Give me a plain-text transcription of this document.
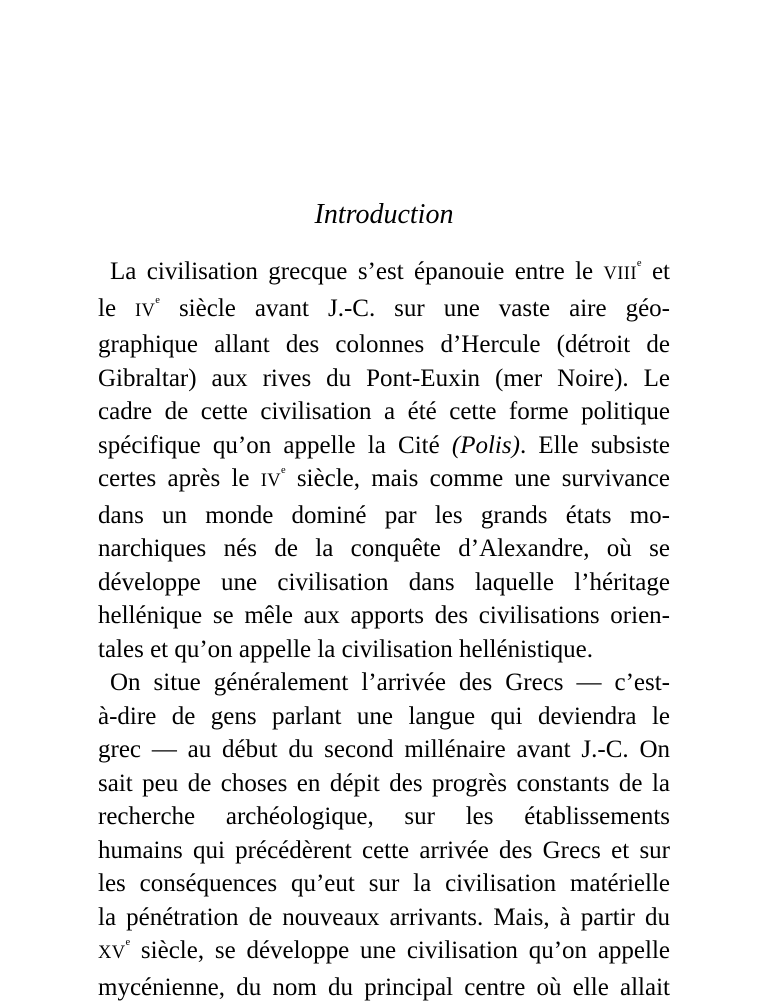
Introduction
La civilisation grecque s’est épanouie entre le VIIIe et
le IVe siècle avant J.-C. sur une vaste aire géo-
graphique allant des colonnes d’Hercule (détroit de
Gibraltar) aux rives du Pont-Euxin (mer Noire). Le
cadre de cette civilisation a été cette forme politique
spécifique qu’on appelle la Cité (Polis). Elle subsiste
certes après le IVe siècle, mais comme une survivance
dans un monde dominé par les grands états mo-
narchiques nés de la conquête d’Alexandre, où se
développe une civilisation dans laquelle l’héritage
hellénique se mêle aux apports des civilisations orien-
tales et qu’on appelle la civilisation hellénistique.
On situe généralement l’arrivée des Grecs — c’est-
à-dire de gens parlant une langue qui deviendra le
grec — au début du second millénaire avant J.-C. On
sait peu de choses en dépit des progrès constants de la
recherche archéologique, sur les établissements
humains qui précédèrent cette arrivée des Grecs et sur
les conséquences qu’eut sur la civilisation matérielle
la pénétration de nouveaux arrivants. Mais, à partir du
XVe siècle, se développe une civilisation qu’on appelle
mycénienne, du nom du principal centre où elle allait
